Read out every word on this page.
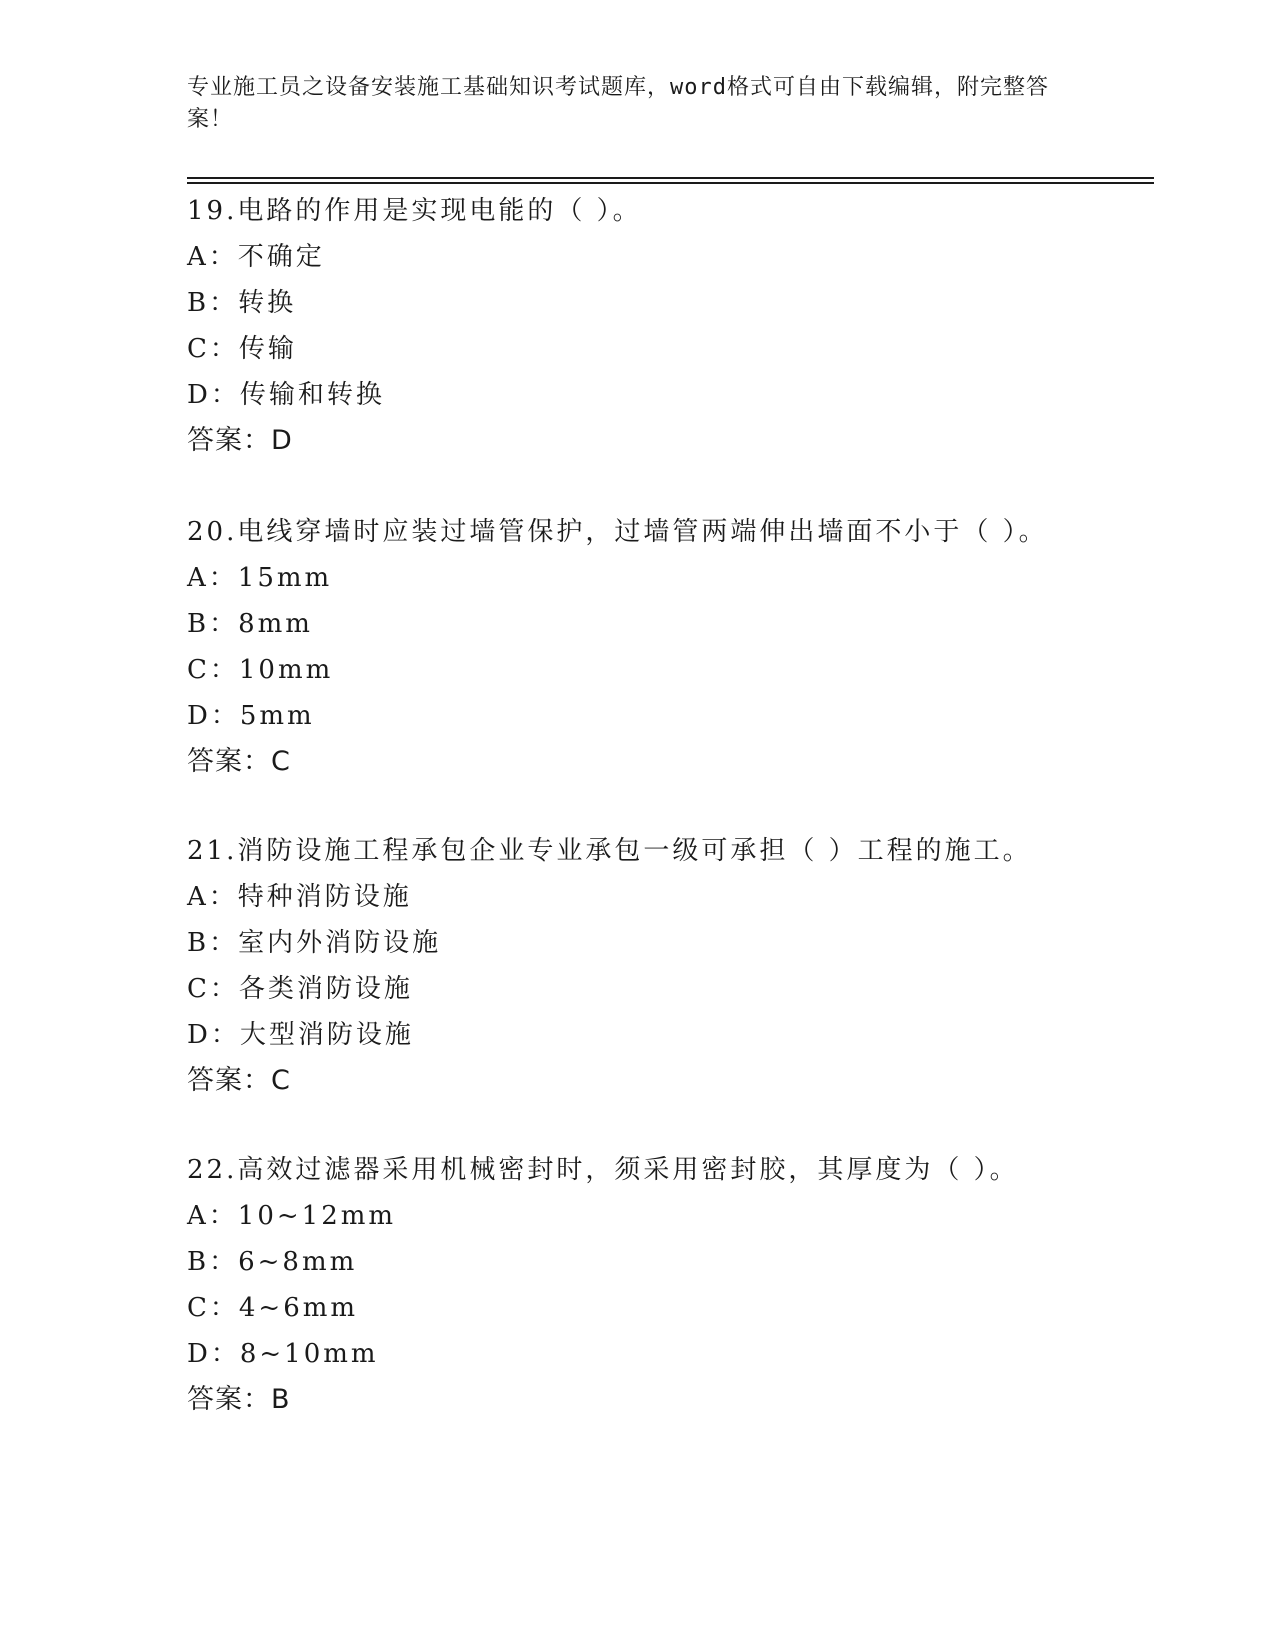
专业施工员之设备安装施工基础知识考试题库，word格式可自由下载编辑，附完整答案！
19.电路的作用是实现电能的（ ）。
A：不确定
B：转换
C：传输
D：传输和转换
答案：D
20.电线穿墙时应装过墙管保护，过墙管两端伸出墙面不小于（ ）。
A：15mm
B：8mm
C：10mm
D：5mm
答案：C
21.消防设施工程承包企业专业承包一级可承担（ ）工程的施工。
A：特种消防设施
B：室内外消防设施
C：各类消防设施
D：大型消防设施
答案：C
22.高效过滤器采用机械密封时，须采用密封胶，其厚度为（ ）。
A：10~12mm
B：6~8mm
C：4~6mm
D：8~10mm
答案：B
